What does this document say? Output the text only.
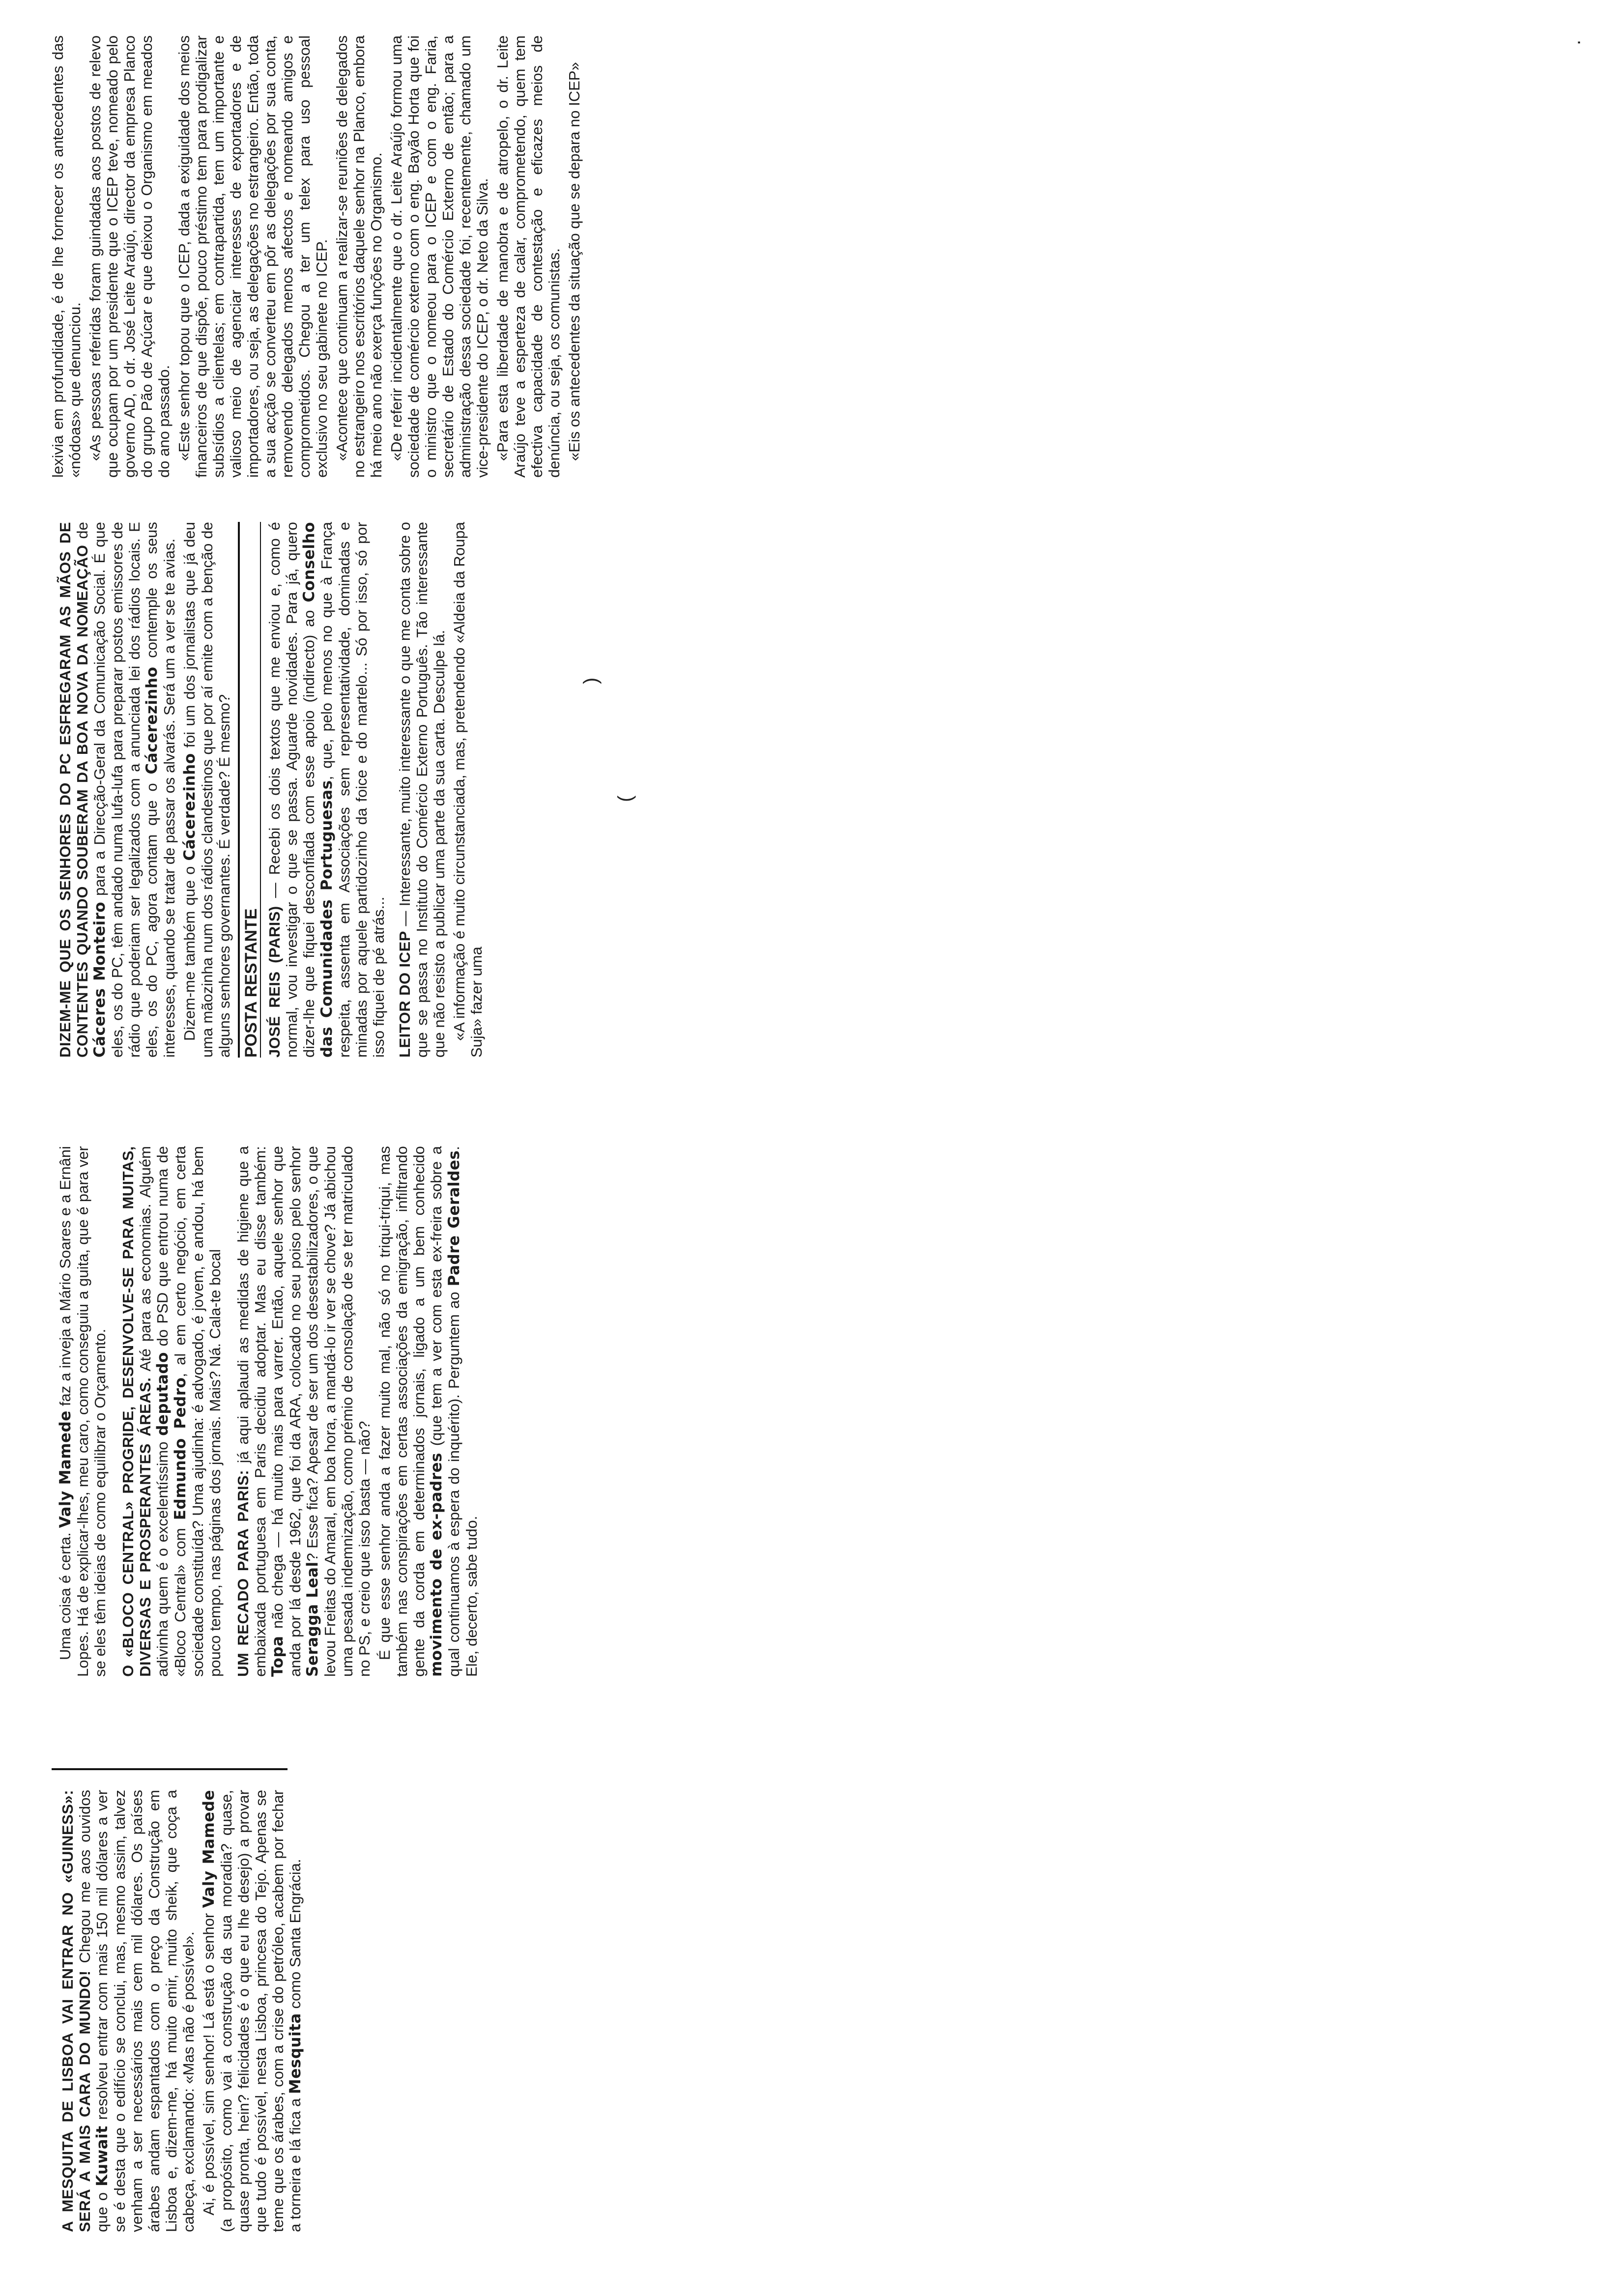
A MESQUITA DE LISBOA VAI ENTRAR NO «GUINESS»: SERÁ A MAIS CARA DO MUNDO! Chegou me aos ouvidos que o Kuwait resolveu entrar com mais 150 mil dólares a ver se é desta que o edifício se conclui, mas, mesmo assim, talvez venham a ser necessários mais cem mil dólares. Os países árabes andam espantados com o preço da Construção em Lisboa e, dizem-me, há muito emir, muito sheik, que coça a cabeça, exclamando: «Mas não é possível». Ai, é possível, sim senhor! Lá está o senhor Valy Mamede (a propósito, como vai a construção da sua moradia? quase, quase pronta, hein? felicidades é o que eu lhe desejo) a provar que tudo é possível, nesta Lisboa, princesa do Tejo. Apenas se teme que os árabes, com a crise do petróleo, acabem por fechar a torneira e lá fica a Mesquita como Santa Engrácia.

Uma coisa é certa. Valy Mamede faz a inveja a Mário Soares e a Ernâni Lopes. Há de explicar-lhes, meu caro, como conseguiu a guita, que é para ver se eles têm ideias de como equilibrar o Orçamento. O «BLOCO CENTRAL» PROGRIDE, DESENVOLVE-SE PARA MUITAS, DIVERSAS E PROSPERANTES ÁREAS. Até para as economias. Alguém adivinha quem é o excelentíssimo deputado do PSD que entrou numa de «Bloco Central» com Edmundo Pedro, al em certo negócio, em certa sociedade constituída? Uma ajudinha: é advogado, é jovem, e andou, há bem pouco tempo, nas páginas dos jornais. Mais? Ná. Cala-te bocal UM RECADO PARA PARIS: já aqui aplaudi as medidas de higiene que a embaixada portuguesa em Paris decidiu adoptar. Mas eu disse também: Topa não chega — há muito mais para varrer. Então, aquele senhor que anda por lá desde 1962, que foi da ARA, colocado no seu poiso pelo senhor Seragga Leal? Esse fica? Apesar de ser um dos desestabilizadores, o que levou Freitas do Amaral, em boa hora, a mandá-lo ir ver se chove? Já abichou uma pesada indemnização, como prémio de consolação de se ter matriculado no PS, e creio que isso basta — não? É que esse senhor anda a fazer muito mal, não só no triqui-triqui, mas também nas conspirações em certas associações da emigração, infiltrando gente da corda em determinados jornais, ligado a um bem conhecido movimento de ex-padres (que tem a ver com esta ex-freira sobre a qual continuamos à espera do inquérito). Perguntem ao Padre Geraldes. Ele, decerto, sabe tudo.

DIZEM-ME QUE OS SENHORES DO PC ESFREGARAM AS MÃOS DE CONTENTES QUANDO SOUBERAM DA BOA NOVA DA NOMEAÇÃO de Cáceres Monteiro para a Direcção-Geral da Comunicação Social. É que eles, os do PC, têm andado numa lufa-lufa para preparar postos emissores de rádio que poderiam ser legalizados com a anunciada lei dos rádios locais. E eles, os do PC, agora contam que o Cácerezinho contemple os seus interesses, quando se tratar de passar os alvarás. Será um a ver se te avias. Dizem-me também que o Cácerezinho foi um dos jornalistas que já deu uma mãozinha num dos rádios clandestinos que por aí emite com a benção de alguns senhores governantes. É verdade? É mesmo? POSTA RESTANTE JOSÉ REIS (PARIS) — Recebi os dois textos que me enviou e, como é normal, vou investigar o que se passa. Aguarde novidades. Para já, quero dizer-lhe que fiquei desconfiada com esse apoio (indirecto) ao Conselho das Comunidades Portuguesas, que, pelo menos no que à França respeita, assenta em Associações sem representatividade, dominadas e minadas por aquele partidozinho da foice e do martelo... Só por isso, só por isso fiquei de pé atrás... LEITOR DO ICEP — Interessante, muito interessante o que me conta sobre o que se passa no Instituto do Comércio Externo Português. Tão interessante que não resisto a publicar uma parte da sua carta. Desculpe lá. «A informação é muito circunstanciada, mas, pretendendo «Aldeia da Roupa Suja» fazer uma

lexivia em profundidade, é de lhe fornecer os antecedentes das «nódoas» que denunciou. «As pessoas referidas foram guindadas aos postos de relevo que ocupam por um presidente que o ICEP teve, nomeado pelo governo AD, o dr. José Leite Araújo, director da empresa Planco do grupo Pão de Açúcar e que deixou o Organismo em meados do ano passado. «Este senhor topou que o ICEP, dada a exiguidade dos meios financeiros de que dispõe, pouco préstimo tem para prodigalizar subsídios a clientelas; em contrapartida, tem um importante e valioso meio de agenciar interesses de exportadores e de importadores, ou seja, as delegações no estrangeiro. Então, toda a sua acção se converteu em pôr as delegações por sua conta, removendo delegados menos afectos e nomeando amigos e comprometidos. Chegou a ter um telex para uso pessoal exclusivo no seu gabinete no ICEP. «Acontece que continuam a realizar-se reuniões de delegados no estrangeiro nos escritórios daquele senhor na Planco, embora há meio ano não exerça funções no Organismo. «De referir incidentalmente que o dr. Leite Araújo formou uma sociedade de comércio externo com o eng. Bayão Horta que foi o ministro que o nomeou para o ICEP e com o eng. Faria, secretário de Estado do Comércio Externo de então; para a administração dessa sociedade foi, recentemente, chamado um vice-presidente do ICEP, o dr. Neto da Silva. «Para esta liberdade de manobra e de atropelo, o dr. Leite Araújo teve a esperteza de calar, comprometendo, quem tem efectiva capacidade de contestação e eficazes meios de denúncia, ou seja, os comunistas. «Eis os antecedentes da situação que se depara no ICEP»

(
)
.
